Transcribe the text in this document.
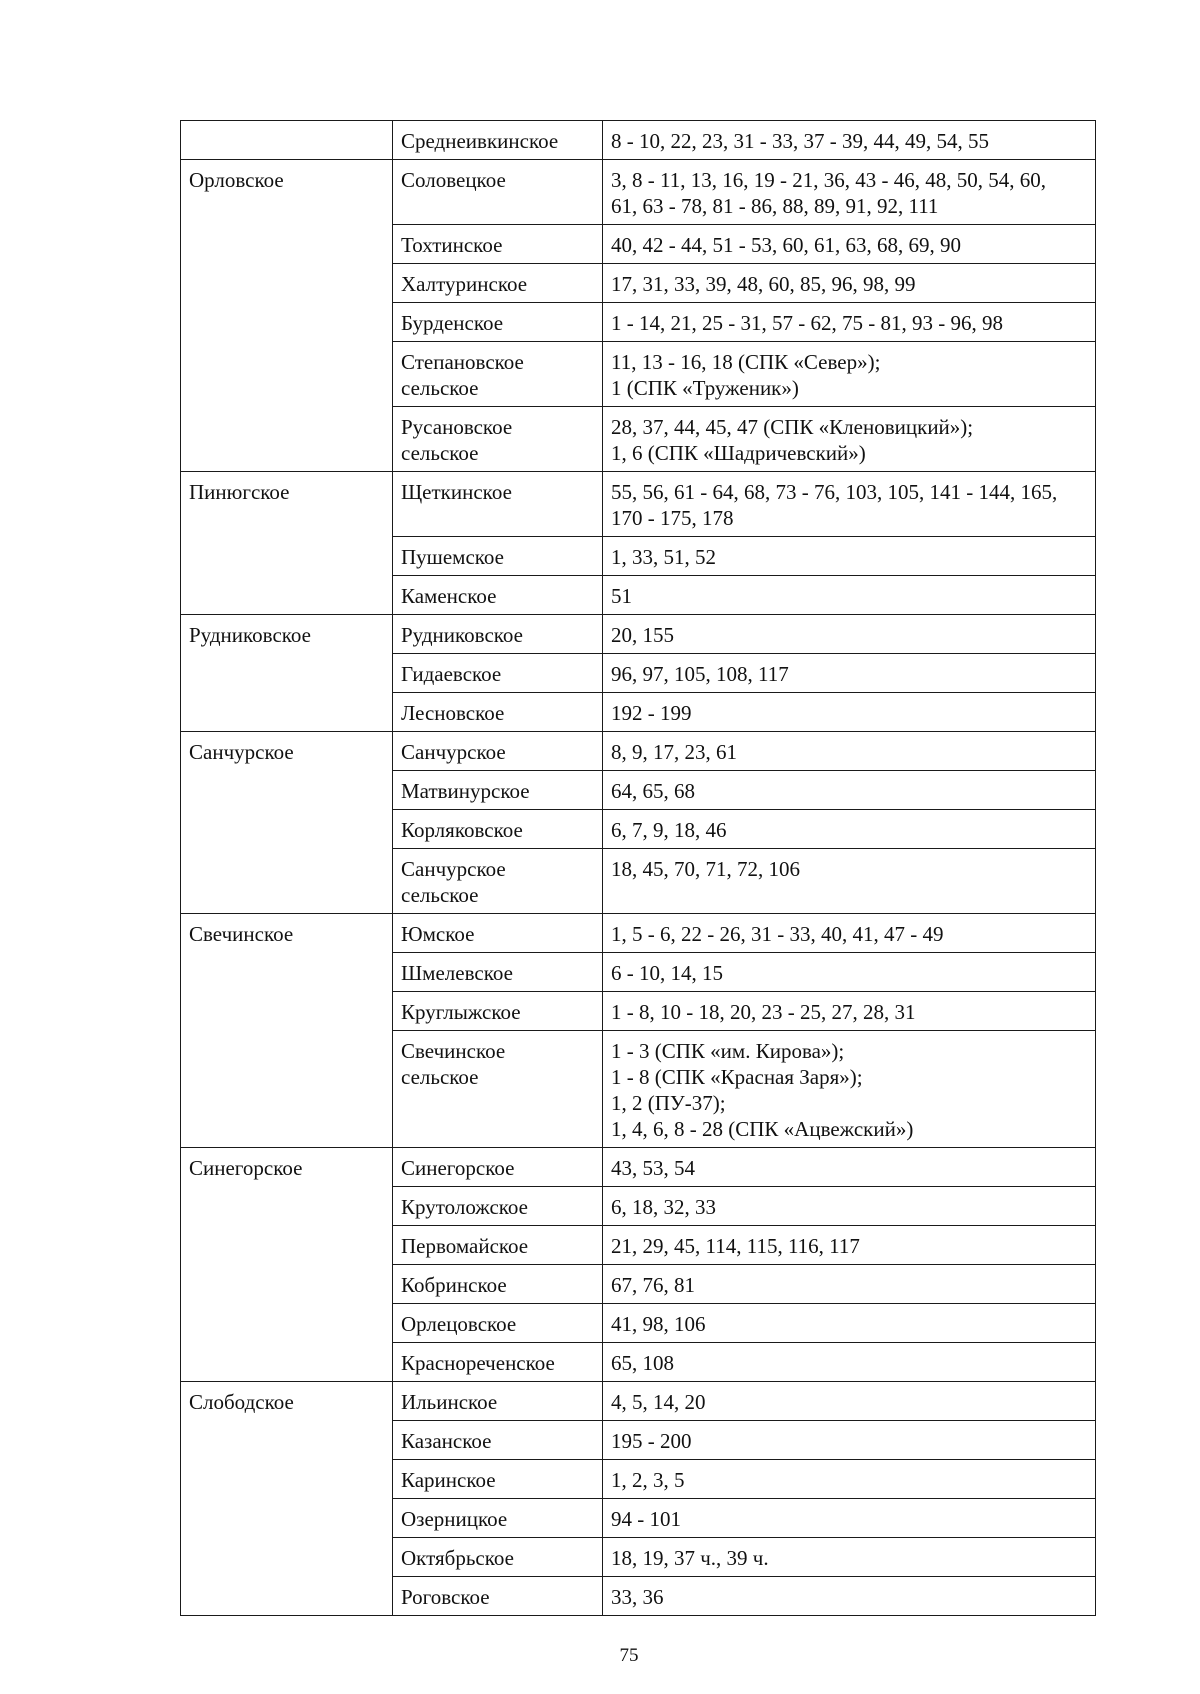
	Среднеивкинское	8 - 10, 22, 23, 31 - 33, 37 - 39, 44, 49, 54, 55

Орловское	Соловецкое	3, 8 - 11, 13, 16, 19 - 21, 36, 43 - 46, 48, 50, 54, 60,
61, 63 - 78, 81 - 86, 88, 89, 91, 92, 111

	Тохтинское	40, 42 - 44, 51 - 53, 60, 61, 63, 68, 69, 90

	Халтуринское	17, 31, 33, 39, 48, 60, 85, 96, 98, 99

	Бурденское	1 - 14, 21, 25 - 31, 57 - 62, 75 - 81, 93 - 96, 98

	Степановское
сельское	11, 13 - 16, 18 (СПК «Север»);
1 (СПК «Труженик»)

	Русановское
сельское	28, 37, 44, 45, 47 (СПК «Кленовицкий»);
1, 6 (СПК «Шадричевский»)

Пинюгское	Щеткинское	55, 56, 61 - 64, 68, 73 - 76, 103, 105, 141 - 144, 165,
170 - 175, 178

	Пушемское	1, 33, 51, 52

	Каменское	51

Рудниковское	Рудниковское	20, 155

	Гидаевское	96, 97, 105, 108, 117

	Лесновское	192 - 199

Санчурское	Санчурское	8, 9, 17, 23, 61

	Матвинурское	64, 65, 68

	Корляковское	6, 7, 9, 18, 46

	Санчурское
сельское	18, 45, 70, 71, 72, 106

Свечинское	Юмское	1, 5 - 6, 22 - 26, 31 - 33, 40, 41, 47 - 49

	Шмелевское	6 - 10, 14, 15

	Круглыжское	1 - 8, 10 - 18, 20, 23 - 25, 27, 28, 31

	Свечинское
сельское	1 - 3 (СПК «им. Кирова»);
1 - 8 (СПК «Красная Заря»);
1, 2 (ПУ-37);
1, 4, 6, 8 - 28 (СПК «Ацвежский»)

Синегорское	Синегорское	43, 53, 54

	Крутоложское	6, 18, 32, 33

	Первомайское	21, 29, 45, 114, 115, 116, 117

	Кобринское	67, 76, 81

	Орлецовское	41, 98, 106

	Краснореченское	65, 108

Слободское	Ильинское	4, 5, 14, 20

	Казанское	195 - 200

	Каринское	1, 2, 3, 5

	Озерницкое	94 - 101

	Октябрьское	18, 19, 37 ч., 39 ч.

	Роговское	33, 36
75
